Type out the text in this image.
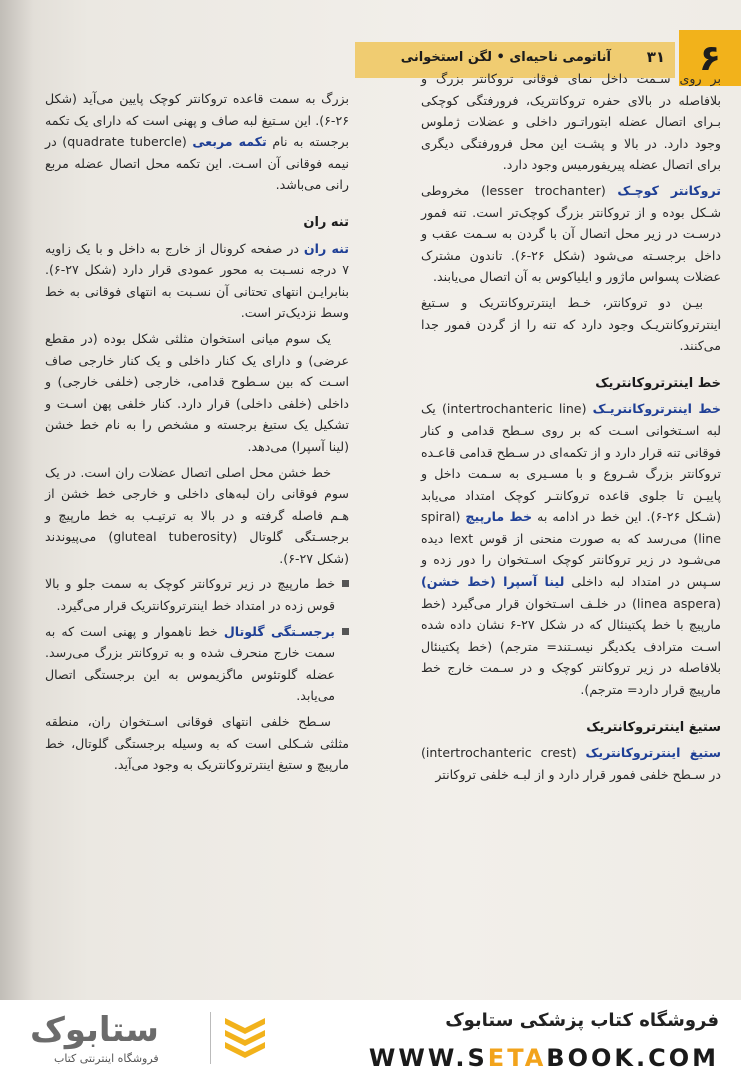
۶
آناتومی ناحیه‌ای • لگن استخوانی ۳۱

بر روی سـمت داخل نمای فوقانی تروکانتر بزرگ و بلافاصله در بالای حفره تروکانتریک، فرورفتگی کوچکی بـرای اتصال عضله ابتوراتـور داخلی و عضلات ژملوس وجود دارد. در بالا و پشـت این محل فرورفتگی دیگری برای اتصال عضله پیریفورمیس وجود دارد.

تروکانتر کوچـک (lesser trochanter) مخروطی شـکل بوده و از تروکانتر بزرگ کوچک‌تر است. تنه فمور درسـت در زیر محل اتصال آن با گردن به سـمت عقب و داخل برجسـته می‌شود (شکل ۲۶-۶). تاندون مشترک عضلات پسواس ماژور و ایلیاکوس به آن اتصال می‌یابند.

بیـن دو تروکانتر، خـط اینترتروکانتریک و سـتیغ اینترتروکانتریـک وجود دارد که تنه را از گردن فمور جدا می‌کنند.

خط اینترتروکانتریک

خط اینترتروکانتریـک (intertrochanteric line) یک لبه اسـتخوانی اسـت که بر روی سـطح قدامی و کنار فوقانی تنه قرار دارد و از تکمه‌ای در سـطح قدامی قاعـده تروکانتر بزرگ شـروع و با مسـیری به سـمت داخل و پاییـن تا جلوی قاعده تروکانتـر کوچک امتداد می‌یابد (شـکل ۲۶-۶). این خط در ادامه به خط مارپیچ (spiral line) می‌رسد که به صورت منحنی از قوس lext دیده می‌شـود در زیر تروکانتر کوچک اسـتخوان را دور زده و سـپس در امتداد لبه داخلی لینا آسپرا (خط خشن) (linea aspera) در خلـف اسـتخوان قرار می‌گیرد (خط مارپیچ با خط پکتینئال که در شکل ۲۷-۶ نشان داده شده اسـت مترادف یکدیگر نیسـتند= مترجم) (خط پکتینئال بلافاصله در زیر تروکانتر کوچک و در سـمت خارج خط مارپیچ قرار دارد= مترجم).

ستیغ اینترتروکانتریک

ستیغ اینترتروکانتریک (intertrochanteric crest) در سـطح خلفی فمور قرار دارد و از لبـه خلفی تروکانتر

بزرگ به سمت قاعده تروکانتر کوچک پایین می‌آید (شکل ۲۶-۶). این سـتیغ لبه صاف و پهنی است که دارای یک تکمه برجسته به نام تکمه مربعی (quadrate tubercle) در نیمه فوقانی آن اسـت. این تکمه محل اتصال عضله مربع رانی می‌باشد.

تنه ران

تنه ران در صفحه کرونال از خارج به داخل و با یک زاویه ۷ درجه نسـبت به محور عمودی قرار دارد (شکل ۲۷-۶). بنابرایـن انتهای تحتانی آن نسـبت به انتهای فوقانی به خط وسط نزدیک‌تر است.

یک سوم میانی استخوان مثلثی شکل بوده (در مقطع عرضی) و دارای یک کنار داخلی و یک کنار خارجی صاف اسـت که بین سـطوح قدامی، خارجی (خلفی خارجی) و داخلی (خلفی داخلی) قرار دارد. کنار خلفی پهن اسـت و تشکیل یک ستیغ برجسته و مشخص را به نام خط خشن (لینا آسپرا) می‌دهد.

خط خشن محل اصلی اتصال عضلات ران است. در یک سوم فوقانی ران لبه‌های داخلی و خارجی خط خشن از هـم فاصله گرفته و در بالا به ترتیـب به خط مارپیچ و برجسـتگی گلوتال (gluteal tuberosity) می‌پیوندند (شکل ۲۷-۶).

خط مارپیچ در زیر تروکانتر کوچک به سمت جلو و بالا قوس زده در امتداد خط اینترتروکانتریک قرار می‌گیرد.
برجسـتگی گلوتال خط ناهموار و پهنی است که به سمت خارج منحرف شده و به تروکانتر بزرگ می‌رسد. عضله گلوتئوس ماگزیموس به این برجستگی اتصال می‌یابد.

سـطح خلفی انتهای فوقانی اسـتخوان ران، منطقه مثلثی شـکلی است که به وسیله برجستگی گلوتال، خط مارپیچ و ستیغ اینترتروکانتریک به وجود می‌آید.

فروشگاه کتاب پزشکی ستابوک
WWW.SETABOOK.COM
ستابوک
فروشگاه اینترنتی کتاب
